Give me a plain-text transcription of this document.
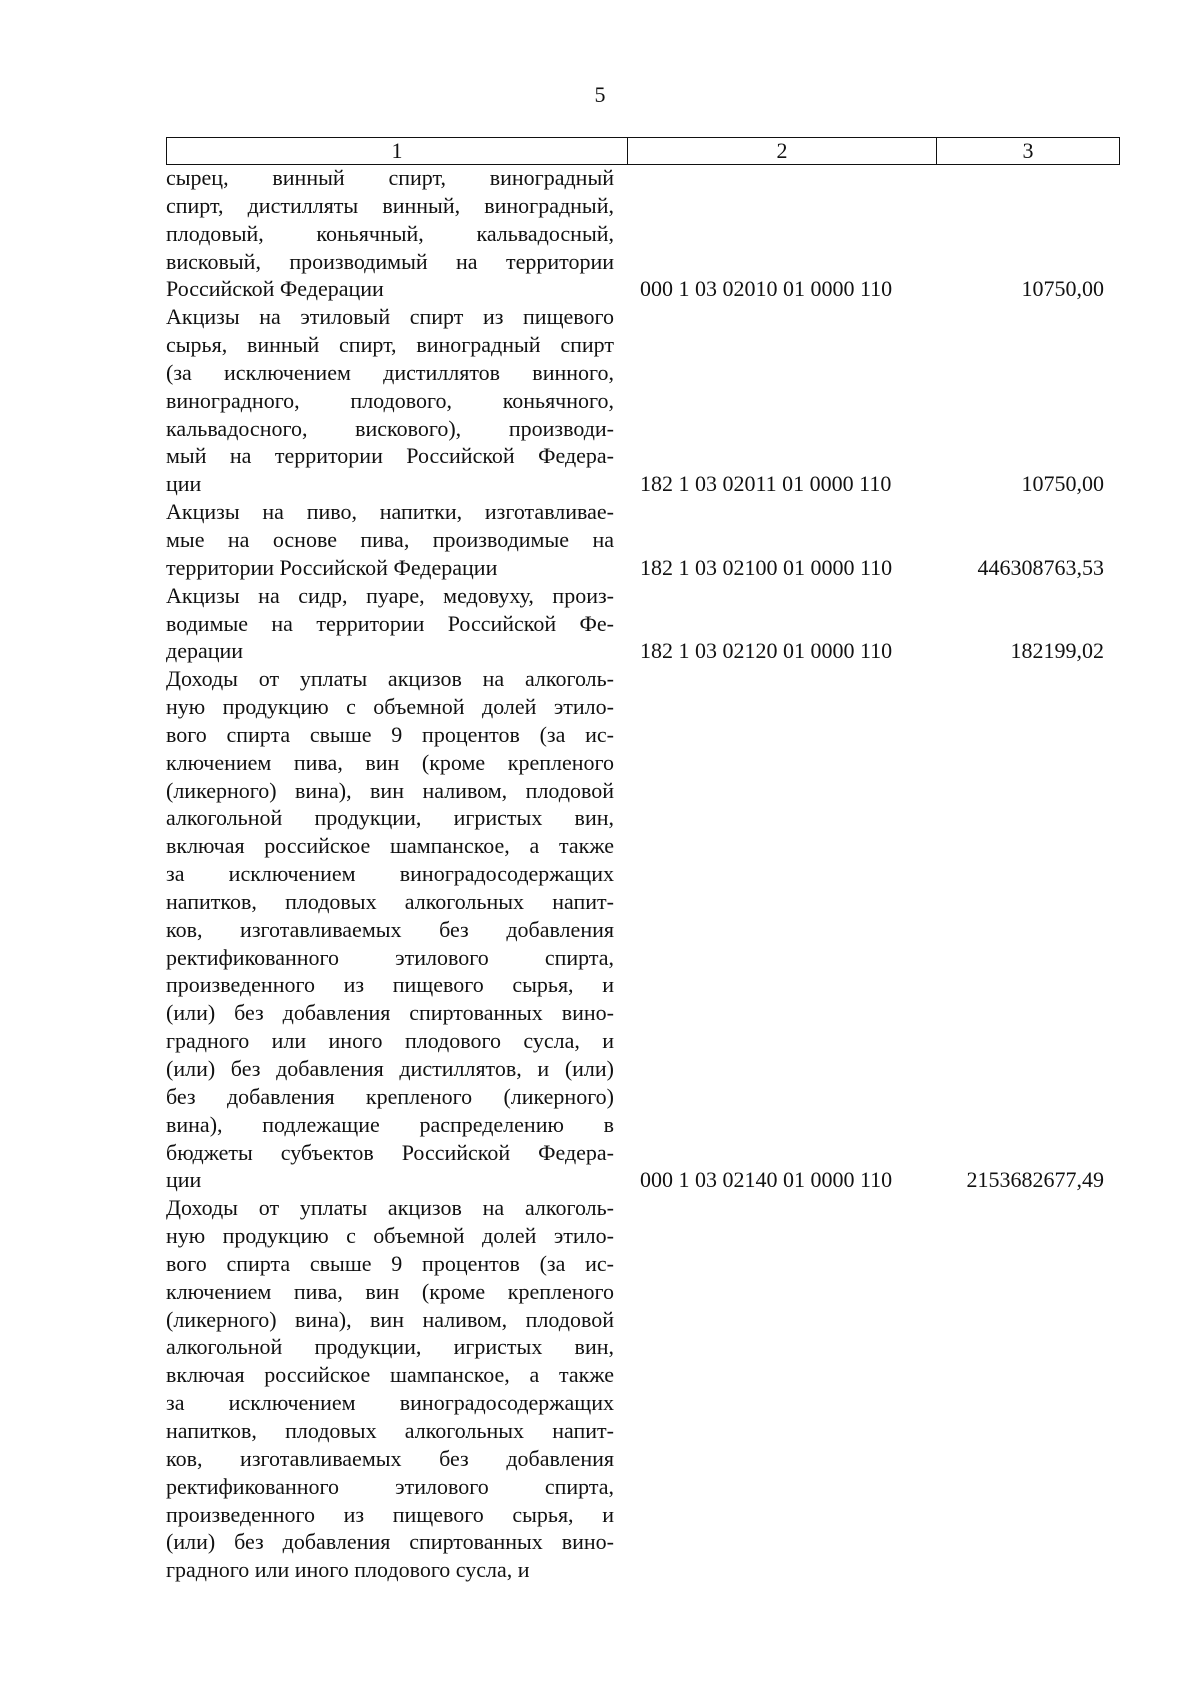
5
1	2	3
сырец, винный спирт, виноградный
спирт, дистилляты винный, виноградный,
плодовый, коньячный, кальвадосный,
висковый, производимый на территории
Российской Федерации	000 1 03 02010 01 0000 110	10750,00
Акцизы на этиловый спирт из пищевого
сырья, винный спирт, виноградный спирт
(за исключением дистиллятов винного,
виноградного, плодового, коньячного,
кальвадосного, вискового), производи-
мый на территории Российской Федера-
ции	182 1 03 02011 01 0000 110	10750,00
Акцизы на пиво, напитки, изготавливае-
мые на основе пива, производимые на
территории Российской Федерации	182 1 03 02100 01 0000 110	446308763,53
Акцизы на сидр, пуаре, медовуху, произ-
водимые на территории Российской Фе-
дерации	182 1 03 02120 01 0000 110	182199,02
Доходы от уплаты акцизов на алкоголь-
ную продукцию с объемной долей этило-
вого спирта свыше 9 процентов (за ис-
ключением пива, вин (кроме крепленого
(ликерного) вина), вин наливом, плодовой
алкогольной продукции, игристых вин,
включая российское шампанское, а также
за исключением виноградосодержащих
напитков, плодовых алкогольных напит-
ков, изготавливаемых без добавления
ректификованного этилового спирта,
произведенного из пищевого сырья, и
(или) без добавления спиртованных вино-
градного или иного плодового сусла, и
(или) без добавления дистиллятов, и (или)
без добавления крепленого (ликерного)
вина), подлежащие распределению в
бюджеты субъектов Российской Федера-
ции	000 1 03 02140 01 0000 110	2153682677,49
Доходы от уплаты акцизов на алкоголь-
ную продукцию с объемной долей этило-
вого спирта свыше 9 процентов (за ис-
ключением пива, вин (кроме крепленого
(ликерного) вина), вин наливом, плодовой
алкогольной продукции, игристых вин,
включая российское шампанское, а также
за исключением виноградосодержащих
напитков, плодовых алкогольных напит-
ков, изготавливаемых без добавления
ректификованного этилового спирта,
произведенного из пищевого сырья, и
(или) без добавления спиртованных вино-
градного или иного плодового сусла, и
